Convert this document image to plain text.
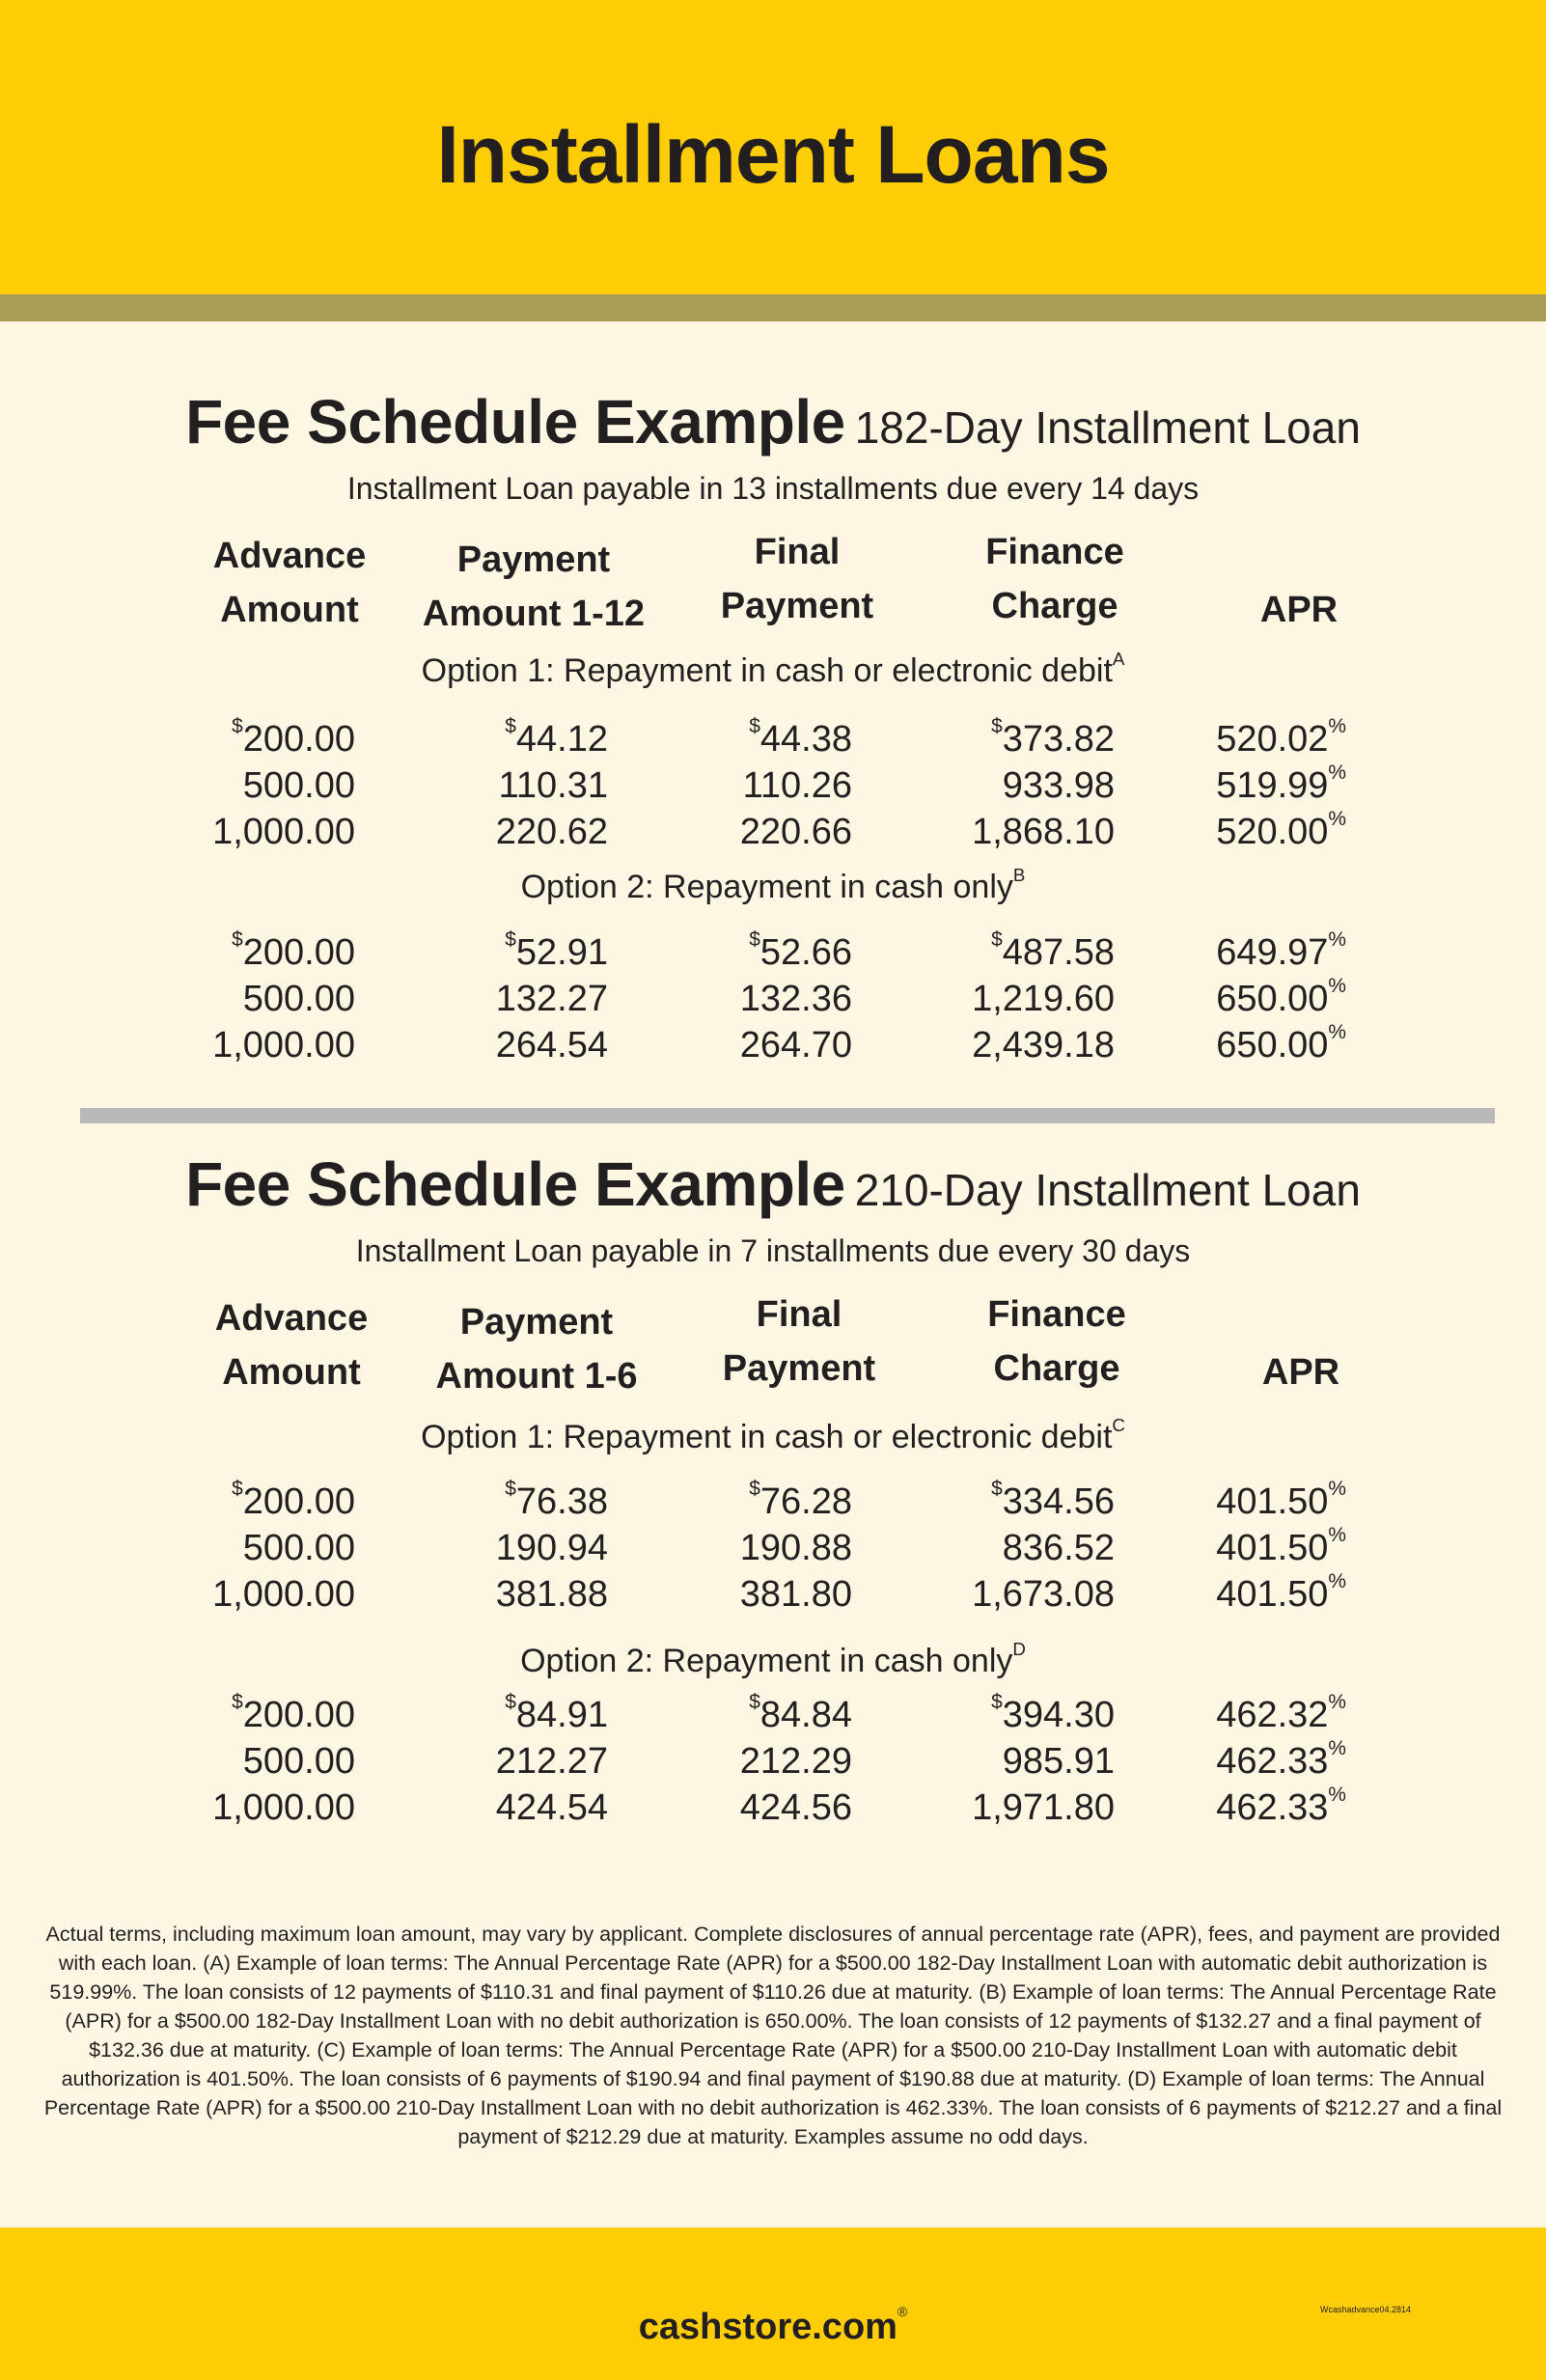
Installment Loans
Fee Schedule Example 182-Day Installment Loan
Installment Loan payable in 13 installments due every 14 days
Advance
Amount
Payment
Amount 1-12
Final
Payment
Finance
Charge	APR
Option 1: Repayment in cash or electronic debit$^A$
$200.00	$44.12	$44.38	$373.82	520.02%
500.00	110.31	110.26	933.98	519.99%
1,000.00	220.62	220.66	1,868.10	520.00%
Option 2: Repayment in cash only$^B$
$200.00	$52.91	$52.66	$487.58	649.97%
500.00	132.27	132.36	1,219.60	650.00%
1,000.00	264.54	264.70	2,439.18	650.00%
Fee Schedule Example 210-Day Installment Loan
Installment Loan payable in 7 installments due every 30 days
Advance
Amount
Payment
Amount 1-6
Final
Payment
Finance
Charge	APR
Option 1: Repayment in cash or electronic debit$^C$
$200.00	$76.38	$76.28	$334.56	401.50%
500.00	190.94	190.88	836.52	401.50%
1,000.00	381.88	381.80	1,673.08	401.50%
Option 2: Repayment in cash only$^D$
$200.00	$84.91	$84.84	$394.30	462.32%
500.00	212.27	212.29	985.91	462.33%
1,000.00	424.54	424.56	1,971.80	462.33%
Actual terms, including maximum loan amount, may vary by applicant. Complete disclosures of annual percentage rate (APR), fees, and payment are provided with each loan. (A) Example of loan terms: The Annual Percentage Rate (APR) for a $500.00 182-Day Installment Loan with automatic debit authorization is 519.99%. The loan consists of 12 payments of $110.31 and final payment of $110.26 due at maturity. (B) Example of loan terms: The Annual Percentage Rate (APR) for a $500.00 182-Day Installment Loan with no debit authorization is 650.00%. The loan consists of 12 payments of $132.27 and a final payment of $132.36 due at maturity. (C) Example of loan terms: The Annual Percentage Rate (APR) for a $500.00 210-Day Installment Loan with automatic debit authorization is 401.50%. The loan consists of 6 payments of $190.94 and final payment of $190.88 due at maturity. (D) Example of loan terms: The Annual Percentage Rate (APR) for a $500.00 210-Day Installment Loan with no debit authorization is 462.33%. The loan consists of 6 payments of $212.27 and a final payment of $212.29 due at maturity. Examples assume no odd days.
cashstore.com®	Wcashadvance04.2814
